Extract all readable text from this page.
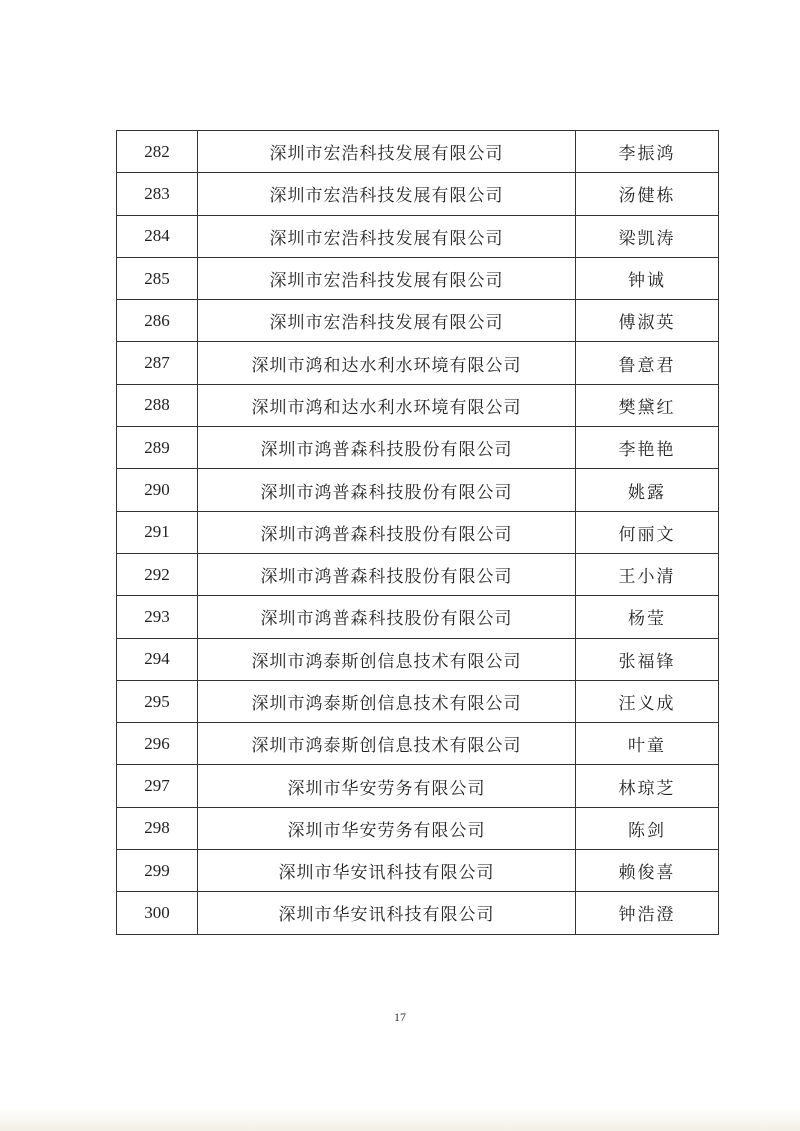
282	深圳市宏浩科技发展有限公司	李振鸿
283	深圳市宏浩科技发展有限公司	汤健栋
284	深圳市宏浩科技发展有限公司	梁凯涛
285	深圳市宏浩科技发展有限公司	钟诚
286	深圳市宏浩科技发展有限公司	傅淑英
287	深圳市鸿和达水利水环境有限公司	鲁意君
288	深圳市鸿和达水利水环境有限公司	樊黛红
289	深圳市鸿普森科技股份有限公司	李艳艳
290	深圳市鸿普森科技股份有限公司	姚露
291	深圳市鸿普森科技股份有限公司	何丽文
292	深圳市鸿普森科技股份有限公司	王小清
293	深圳市鸿普森科技股份有限公司	杨莹
294	深圳市鸿泰斯创信息技术有限公司	张福锋
295	深圳市鸿泰斯创信息技术有限公司	汪义成
296	深圳市鸿泰斯创信息技术有限公司	叶童
297	深圳市华安劳务有限公司	林琼芝
298	深圳市华安劳务有限公司	陈剑
299	深圳市华安讯科技有限公司	赖俊喜
300	深圳市华安讯科技有限公司	钟浩澄
17
